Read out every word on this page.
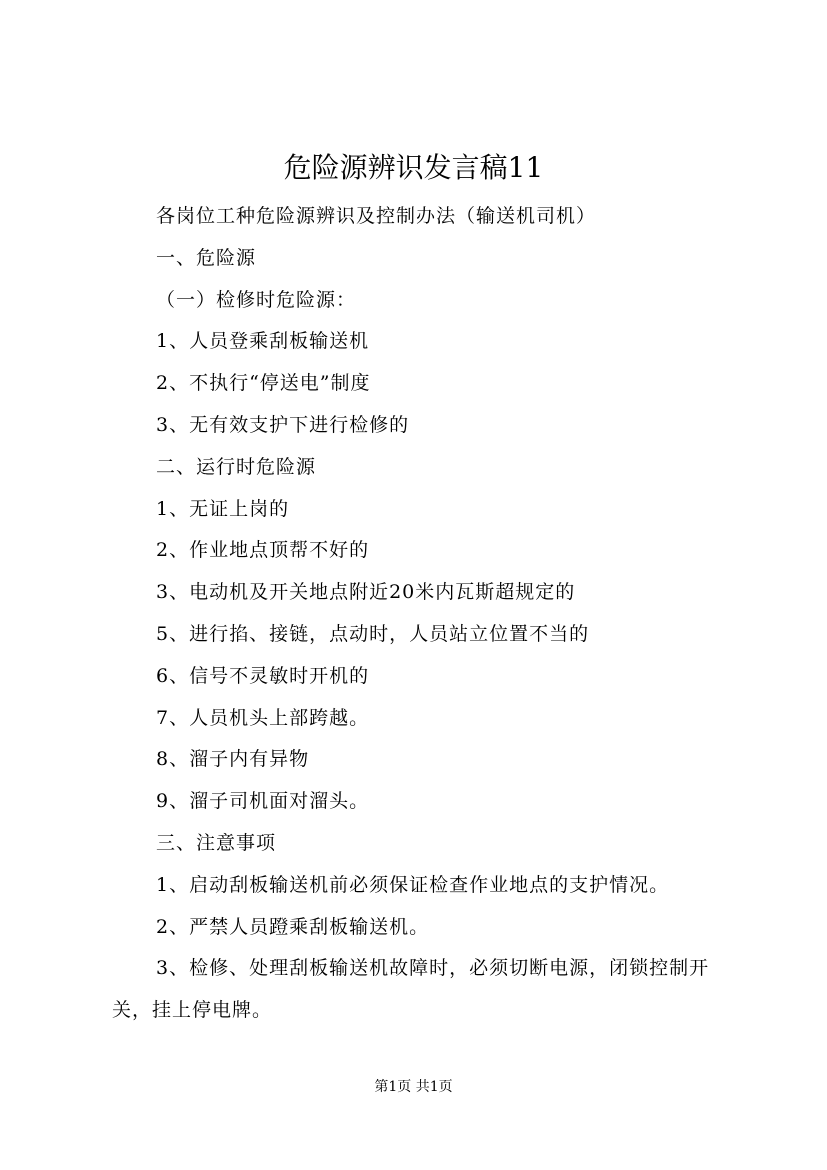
危险源辨识发言稿11

各岗位工种危险源辨识及控制办法（输送机司机）

一、危险源

（一）检修时危险源：

1、人员登乘刮板输送机

2、不执行“停送电”制度

3、无有效支护下进行检修的

二、运行时危险源

1、无证上岗的

2、作业地点顶帮不好的

3、电动机及开关地点附近20米内瓦斯超规定的

5、进行掐、接链，点动时，人员站立位置不当的

6、信号不灵敏时开机的

7、人员机头上部跨越。

8、溜子内有异物

9、溜子司机面对溜头。

三、注意事项

1、启动刮板输送机前必须保证检查作业地点的支护情况。

2、严禁人员蹬乘刮板输送机。

3、检修、处理刮板输送机故障时，必须切断电源，闭锁控制开关，挂上停电牌。

第1页 共1页
